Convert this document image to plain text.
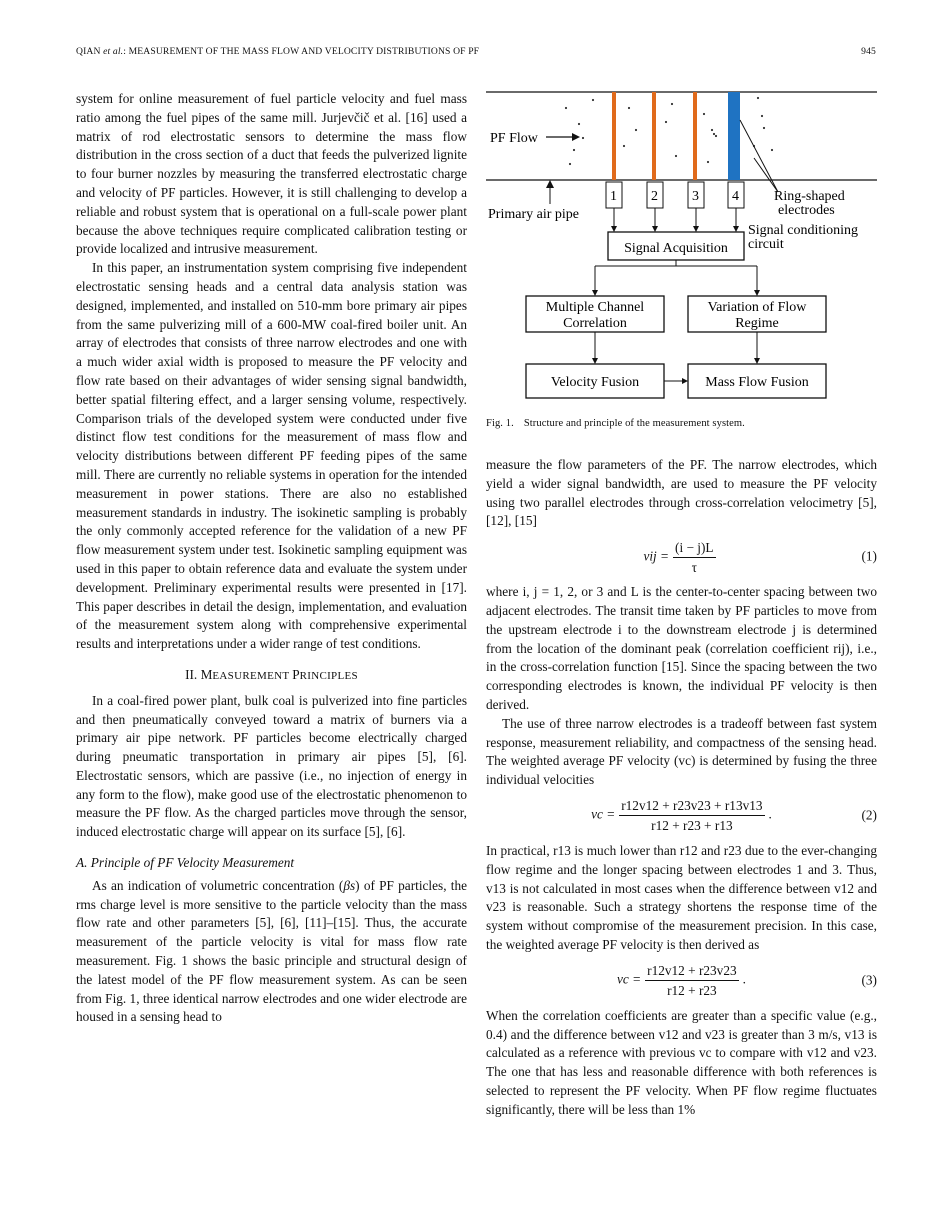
QIAN et al.: MEASUREMENT OF THE MASS FLOW AND VELOCITY DISTRIBUTIONS OF PF	945

system for online measurement of fuel particle velocity and fuel mass ratio among the fuel pipes of the same mill. Jurjevčič et al. [16] used a matrix of rod electrostatic sensors to determine the mass flow distribution in the cross section of a duct that feeds the pulverized lignite to four burner nozzles by measuring the transferred electrostatic charge and velocity of PF particles. However, it is still challenging to develop a reliable and robust system that is operational on a full-scale power plant because the above techniques require complicated calibration testing or provide localized and intrusive measurement.

In this paper, an instrumentation system comprising five independent electrostatic sensing heads and a central data analysis station was designed, implemented, and installed on 510-mm bore primary air pipes from the same pulverizing mill of a 600-MW coal-fired boiler unit. An array of electrodes that consists of three narrow electrodes and one with a much wider axial width is proposed to measure the PF velocity and flow rate based on their advantages of wider sensing signal bandwidth, better spatial filtering effect, and a larger sensing volume, respectively. Comparison trials of the developed system were conducted under five distinct flow test conditions for the measurement of mass flow and velocity distributions between different PF feeding pipes of the same mill. There are currently no reliable systems in operation for the intended measurement in power stations. There are also no established measurement standards in industry. The isokinetic sampling is probably the only commonly accepted reference for the validation of a new PF flow measurement system under test. Isokinetic sampling equipment was used in this paper to obtain reference data and evaluate the system under development. Preliminary experimental results were presented in [17]. This paper describes in detail the design, implementation, and evaluation of the measurement system along with comprehensive experimental results and interpretations under a wider range of test conditions.

II. MEASUREMENT PRINCIPLES

In a coal-fired power plant, bulk coal is pulverized into fine particles and then pneumatically conveyed toward a matrix of burners via a primary air pipe network. PF particles become electrically charged during pneumatic transportation in primary air pipes [5], [6]. Electrostatic sensors, which are passive (i.e., no injection of energy in any form to the flow), make good use of the electrostatic phenomenon to measure the PF flow. As the charged particles move through the sensor, induced electrostatic charge will appear on its surface [5], [6].

A. Principle of PF Velocity Measurement

As an indication of volumetric concentration (βs) of PF particles, the rms charge level is more sensitive to the particle velocity than the mass flow rate and other parameters [5], [6], [11]–[15]. Thus, the accurate measurement of the particle velocity is vital for mass flow rate measurement. Fig. 1 shows the basic principle and structural design of the latest model of the PF flow measurement system. As can be seen from Fig. 1, three identical narrow electrodes and one wider electrode are housed in a sensing head to

PF Flow
Primary air pipe
Ring-shaped
electrodes
1 2 3 4
Signal conditioning
circuit
Signal Acquisition
Multiple Channel
Correlation
Variation of Flow
Regime
Velocity Fusion	Mass Flow Fusion
Fig. 1. Structure and principle of the measurement system.

measure the flow parameters of the PF. The narrow electrodes, which yield a wider signal bandwidth, are used to measure the PF velocity using two parallel electrodes through cross-correlation velocimetry [5], [12], [15]

vij = $\frac{(i - j)L}{\tau}$	(1)

where i, j = 1, 2, or 3 and L is the center-to-center spacing between two adjacent electrodes. The transit time taken by PF particles to move from the upstream electrode i to the downstream electrode j is determined from the location of the dominant peak (correlation coefficient rij), i.e., in the cross-correlation function [15]. Since the spacing between the two corresponding electrodes is known, the individual PF velocity is then derived.

The use of three narrow electrodes is a tradeoff between fast system response, measurement reliability, and compactness of the sensing head. The weighted average PF velocity (vc) is determined by fusing the three individual velocities

vc = $\frac{r12v12 + r23v23 + r13v13}{r12 + r23 + r13}$ .	(2)

In practical, r13 is much lower than r12 and r23 due to the ever-changing flow regime and the longer spacing between electrodes 1 and 3. Thus, v13 is not calculated in most cases when the difference between v12 and v23 is reasonable. Such a strategy shortens the response time of the system without compromise of the measurement precision. In this case, the weighted average PF velocity is then derived as

vc = $\frac{r12v12 + r23v23}{r12 + r23}$ .	(3)

When the correlation coefficients are greater than a specific value (e.g., 0.4) and the difference between v12 and v23 is greater than 3 m/s, v13 is calculated as a reference with previous vc to compare with v12 and v23. The one that has less and reasonable difference with both references is selected to represent the PF velocity. When PF flow regime fluctuates significantly, there will be less than 1%
